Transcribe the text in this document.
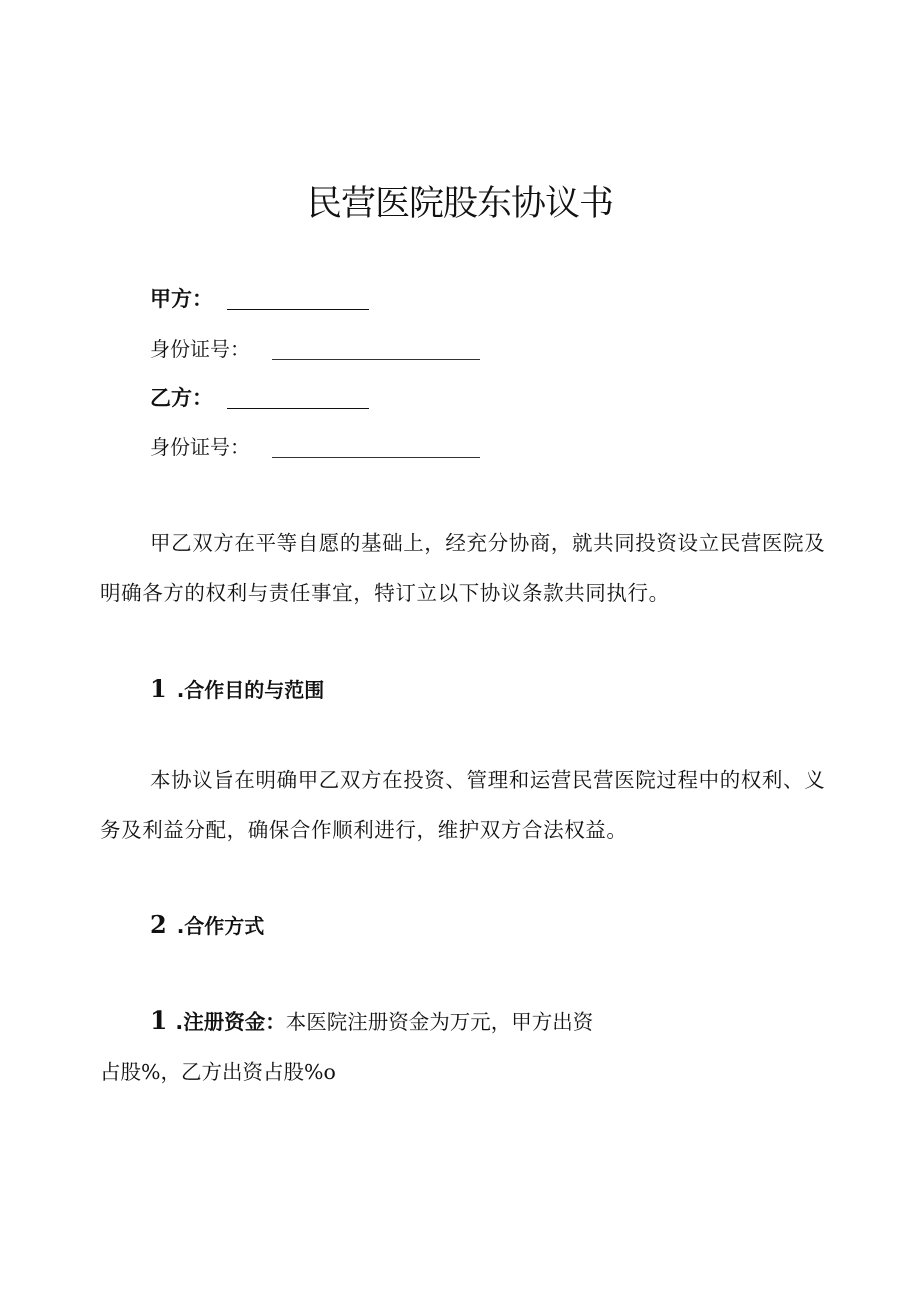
民营医院股东协议书
甲方：
身份证号：
乙方：
身份证号：

甲乙双方在平等自愿的基础上，经充分协商，就共同投资设立民营医院及明确各方的权利与责任事宜，特订立以下协议条款共同执行。

1 .合作目的与范围

本协议旨在明确甲乙双方在投资、管理和运营民营医院过程中的权利、义务及利益分配，确保合作顺利进行，维护双方合法权益。

2 .合作方式

1 .注册资金：本医院注册资金为万元，甲方出资
占股%，乙方出资占股%o
